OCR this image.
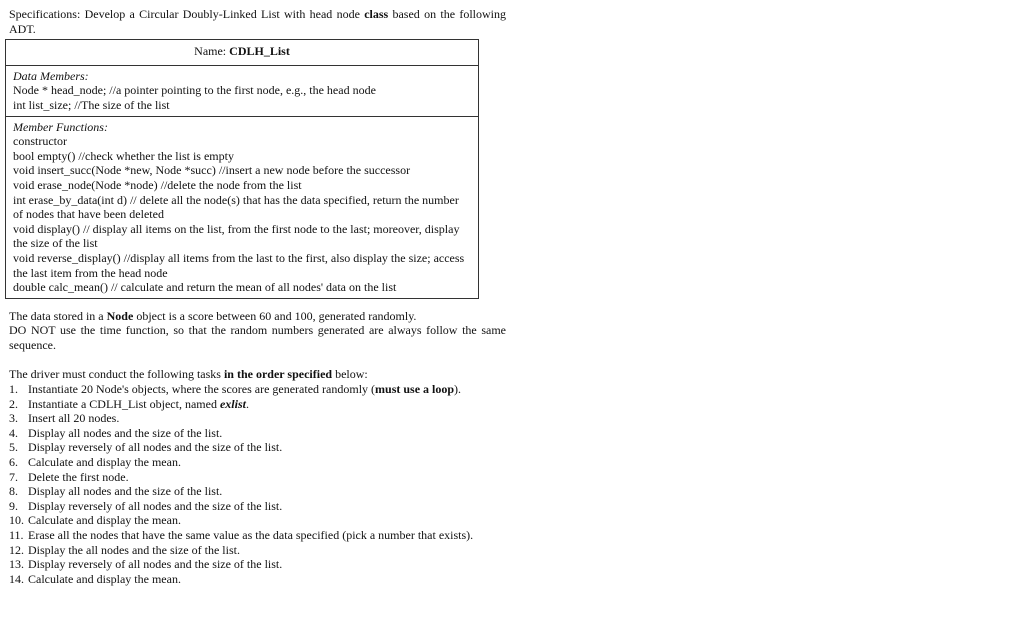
Specifications: Develop a Circular Doubly-Linked List with head node class based on the following ADT.

Name: CDLH_List
Data Members:
Node * head_node; //a pointer pointing to the first node, e.g., the head node
int list_size; //The size of the list
Member Functions:
constructor
bool empty() //check whether the list is empty
void insert_succ(Node *new, Node *succ) //insert a new node before the successor
void erase_node(Node *node) //delete the node from the list
int erase_by_data(int d) // delete all the node(s) that has the data specified, return the number of nodes that have been deleted
void display() // display all items on the list, from the first node to the last; moreover, display the size of the list
void reverse_display() //display all items from the last to the first, also display the size; access the last item from the head node
double calc_mean() // calculate and return the mean of all nodes' data on the list

The data stored in a Node object is a score between 60 and 100, generated randomly.

DO NOT use the time function, so that the random numbers generated are always follow the same sequence.

The driver must conduct the following tasks in the order specified below:

1. Instantiate 20 Node's objects, where the scores are generated randomly (must use a loop).
2. Instantiate a CDLH_List object, named exlist.
3. Insert all 20 nodes.
4. Display all nodes and the size of the list.
5. Display reversely of all nodes and the size of the list.
6. Calculate and display the mean.
7. Delete the first node.
8. Display all nodes and the size of the list.
9. Display reversely of all nodes and the size of the list.
10. Calculate and display the mean.
11. Erase all the nodes that have the same value as the data specified (pick a number that exists).
12. Display the all nodes and the size of the list.
13. Display reversely of all nodes and the size of the list.
14. Calculate and display the mean.
